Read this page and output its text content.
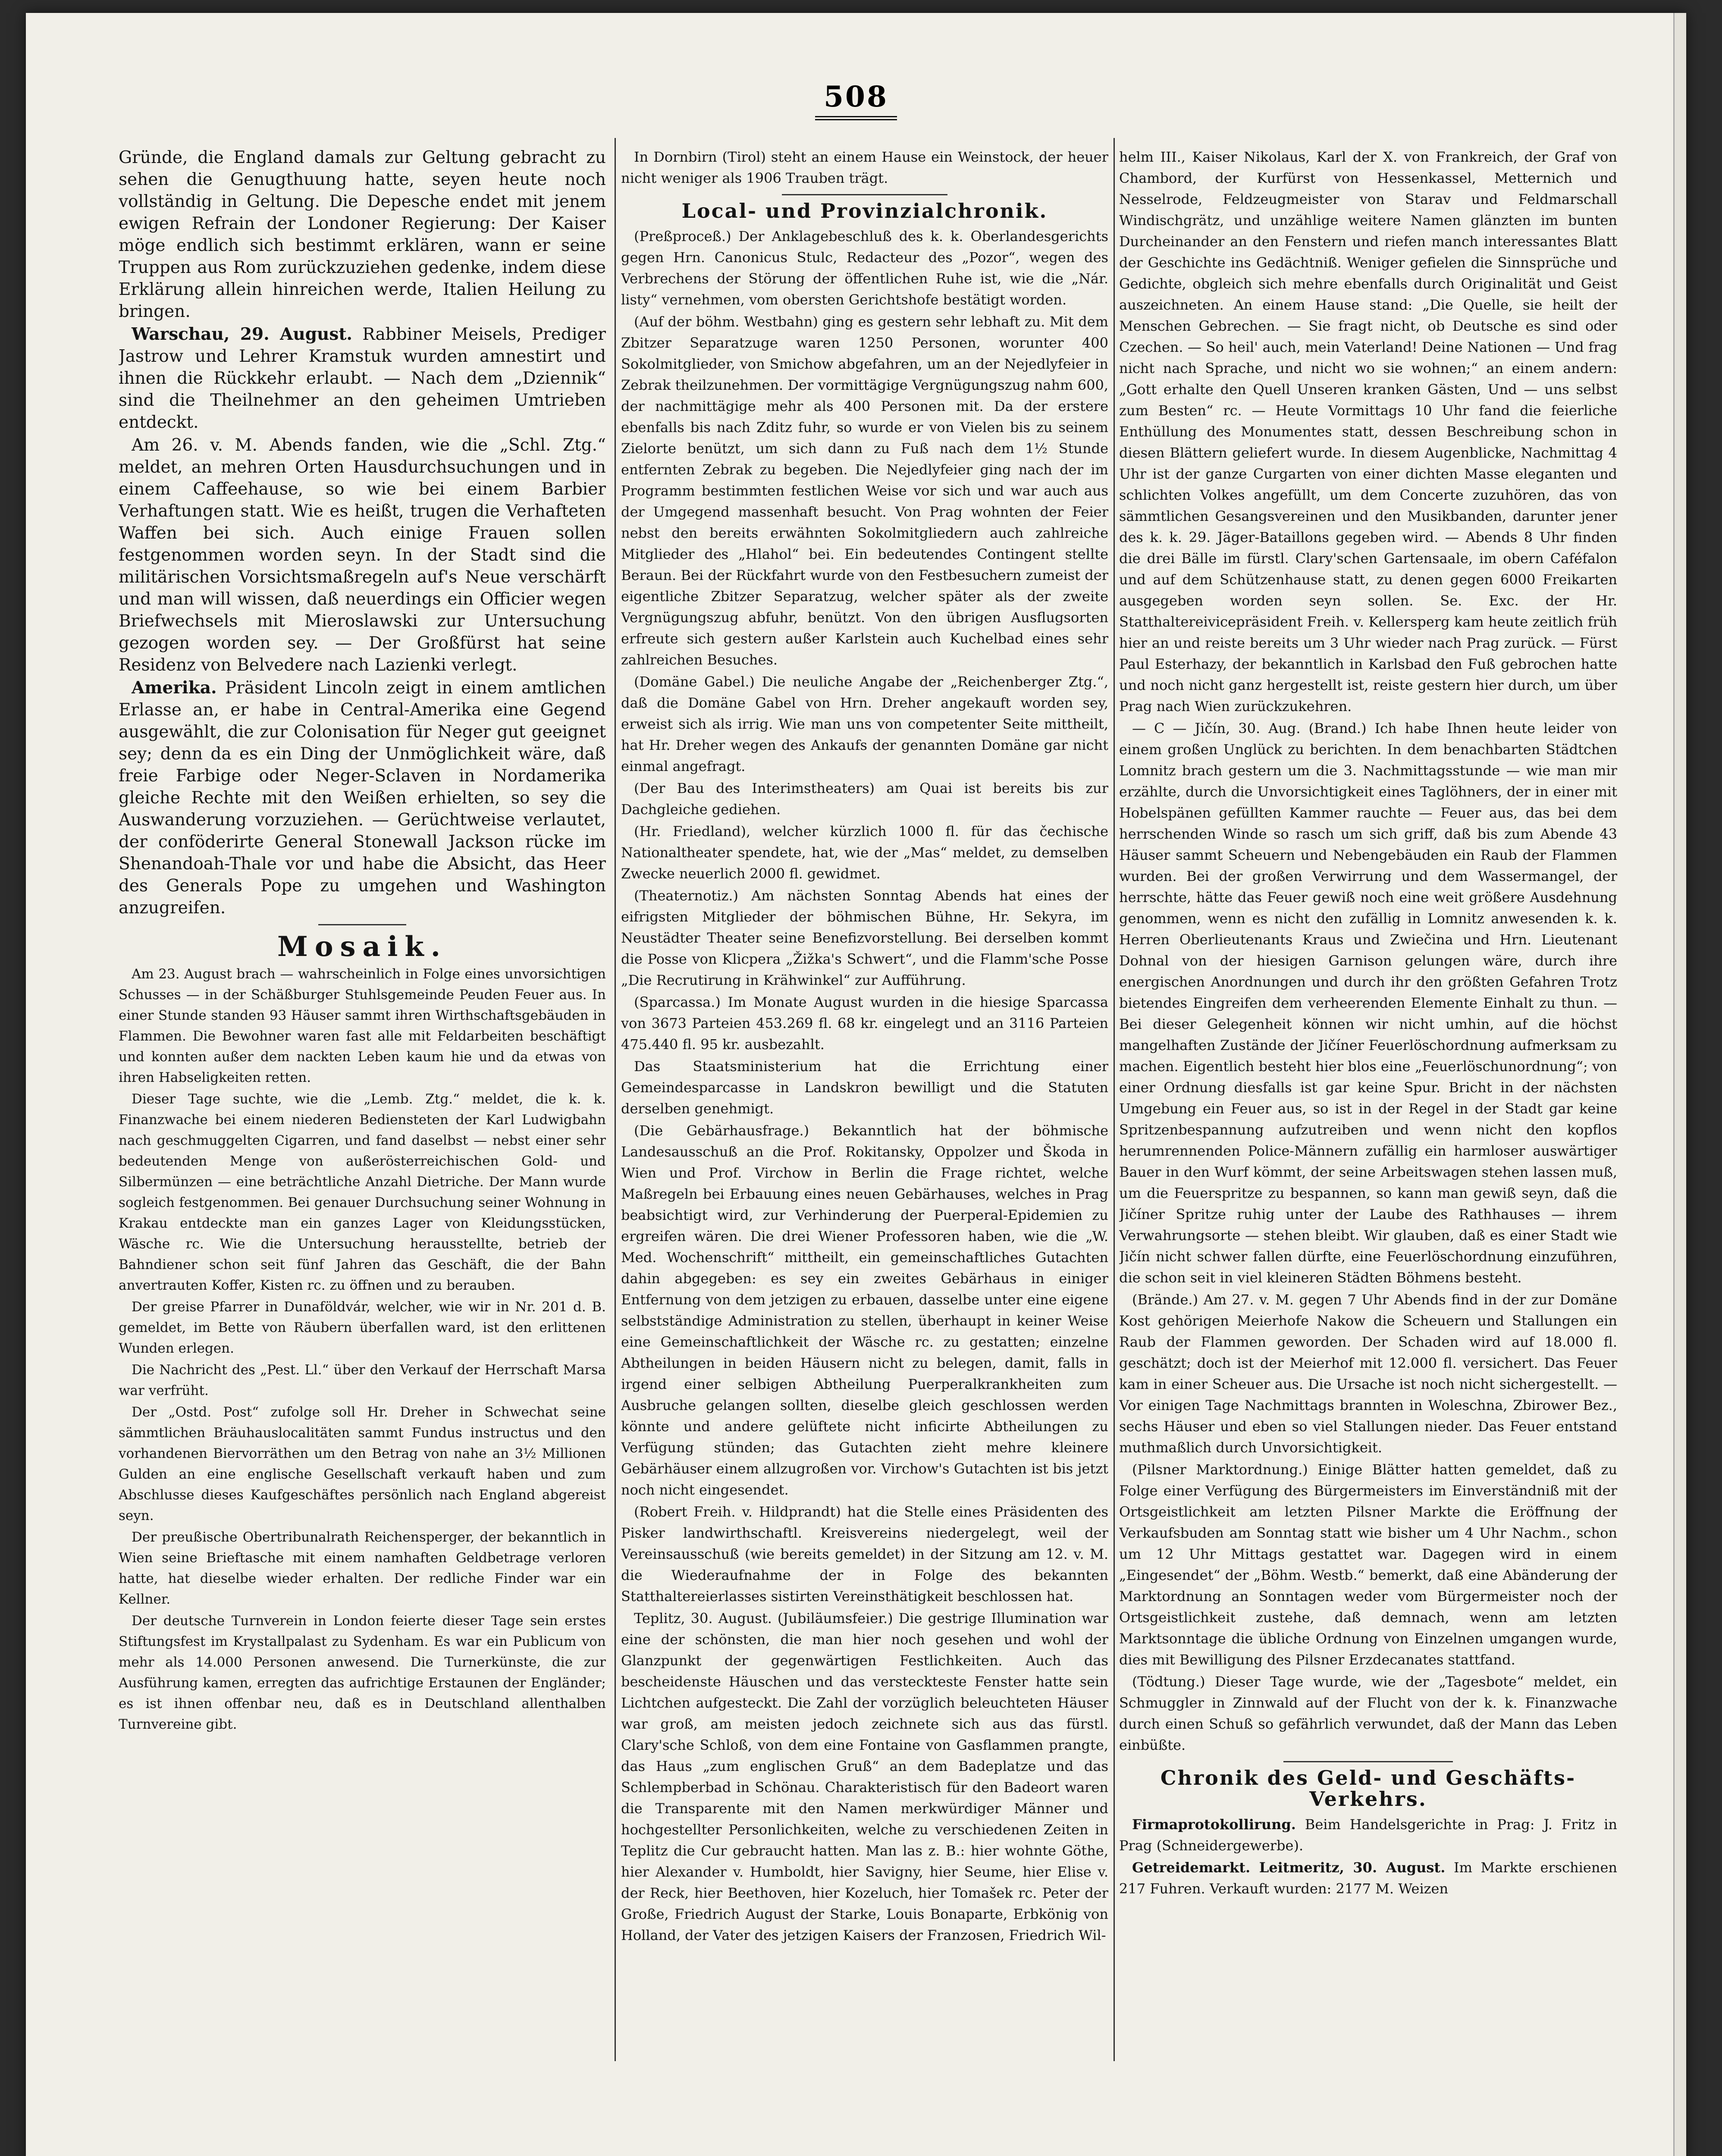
508

Gründe, die England damals zur Geltung gebracht zu sehen die Genugthuung hatte, seyen heute noch vollständig in Geltung. Die Depesche endet mit jenem ewigen Refrain der Londoner Regierung: Der Kaiser möge endlich sich bestimmt erklären, wann er seine Truppen aus Rom zurückzuziehen gedenke, indem diese Erklärung allein hinreichen werde, Italien Heilung zu bringen.

Warschau, 29. August. Rabbiner Meisels, Prediger Jastrow und Lehrer Kramstuk wurden amnestirt und ihnen die Rückkehr erlaubt. — Nach dem „Dziennik“ sind die Theilnehmer an den geheimen Umtrieben entdeckt.

Am 26. v. M. Abends fanden, wie die „Schl. Ztg.“ meldet, an mehren Orten Hausdurchsuchungen und in einem Caffeehause, so wie bei einem Barbier Verhaftungen statt. Wie es heißt, trugen die Verhafteten Waffen bei sich. Auch einige Frauen sollen festgenommen worden seyn. In der Stadt sind die militärischen Vorsichtsmaßregeln auf's Neue verschärft und man will wissen, daß neuerdings ein Officier wegen Briefwechsels mit Mieroslawski zur Untersuchung gezogen worden sey. — Der Großfürst hat seine Residenz von Belvedere nach Lazienki verlegt.

Amerika. Präsident Lincoln zeigt in einem amtlichen Erlasse an, er habe in Central-Amerika eine Gegend ausgewählt, die zur Colonisation für Neger gut geeignet sey; denn da es ein Ding der Unmöglichkeit wäre, daß freie Farbige oder Neger-Sclaven in Nordamerika gleiche Rechte mit den Weißen erhielten, so sey die Auswanderung vorzuziehen. — Gerüchtweise verlautet, der conföderirte General Stonewall Jackson rücke im Shenandoah-Thale vor und habe die Absicht, das Heer des Generals Pope zu umgehen und Washington anzugreifen.

Mosaik.

Am 23. August brach — wahrscheinlich in Folge eines unvorsichtigen Schusses — in der Schäßburger Stuhlsgemeinde Peuden Feuer aus. In einer Stunde standen 93 Häuser sammt ihren Wirthschaftsgebäuden in Flammen. Die Bewohner waren fast alle mit Feldarbeiten beschäftigt und konnten außer dem nackten Leben kaum hie und da etwas von ihren Habseligkeiten retten.

Dieser Tage suchte, wie die „Lemb. Ztg.“ meldet, die k. k. Finanzwache bei einem niederen Bediensteten der Karl Ludwigbahn nach geschmuggelten Cigarren, und fand daselbst — nebst einer sehr bedeutenden Menge von außerösterreichischen Gold- und Silbermünzen — eine beträchtliche Anzahl Dietriche. Der Mann wurde sogleich festgenommen. Bei genauer Durchsuchung seiner Wohnung in Krakau entdeckte man ein ganzes Lager von Kleidungsstücken, Wäsche rc. Wie die Untersuchung herausstellte, betrieb der Bahndiener schon seit fünf Jahren das Geschäft, die der Bahn anvertrauten Koffer, Kisten rc. zu öffnen und zu berauben.

Der greise Pfarrer in Dunaföldvár, welcher, wie wir in Nr. 201 d. B. gemeldet, im Bette von Räubern überfallen ward, ist den erlittenen Wunden erlegen.

Die Nachricht des „Pest. Ll.“ über den Verkauf der Herrschaft Marsa war verfrüht.

Der „Ostd. Post“ zufolge soll Hr. Dreher in Schwechat seine sämmtlichen Bräuhauslocalitäten sammt Fundus instructus und den vorhandenen Biervorräthen um den Betrag von nahe an 3½ Millionen Gulden an eine englische Gesellschaft verkauft haben und zum Abschlusse dieses Kaufgeschäftes persönlich nach England abgereist seyn.

Der preußische Obertribunalrath Reichensperger, der bekanntlich in Wien seine Brieftasche mit einem namhaften Geldbetrage verloren hatte, hat dieselbe wieder erhalten. Der redliche Finder war ein Kellner.

Der deutsche Turnverein in London feierte dieser Tage sein erstes Stiftungsfest im Krystallpalast zu Sydenham. Es war ein Publicum von mehr als 14.000 Personen anwesend. Die Turnerkünste, die zur Ausführung kamen, erregten das aufrichtige Erstaunen der Engländer; es ist ihnen offenbar neu, daß es in Deutschland allenthalben Turnvereine gibt.

In Dornbirn (Tirol) steht an einem Hause ein Weinstock, der heuer nicht weniger als 1906 Trauben trägt.

Local- und Provinzialchronik.

(Preßproceß.) Der Anklagebeschluß des k. k. Oberlandesgerichts gegen Hrn. Canonicus Stulc, Redacteur des „Pozor“, wegen des Verbrechens der Störung der öffentlichen Ruhe ist, wie die „Nár. listy“ vernehmen, vom obersten Gerichtshofe bestätigt worden.

(Auf der böhm. Westbahn) ging es gestern sehr lebhaft zu. Mit dem Zbitzer Separatzuge waren 1250 Personen, worunter 400 Sokolmitglieder, von Smichow abgefahren, um an der Nejedlyfeier in Zebrak theilzunehmen. Der vormittägige Vergnügungszug nahm 600, der nachmittägige mehr als 400 Personen mit. Da der erstere ebenfalls bis nach Zditz fuhr, so wurde er von Vielen bis zu seinem Zielorte benützt, um sich dann zu Fuß nach dem 1½ Stunde entfernten Zebrak zu begeben. Die Nejedlyfeier ging nach der im Programm bestimmten festlichen Weise vor sich und war auch aus der Umgegend massenhaft besucht. Von Prag wohnten der Feier nebst den bereits erwähnten Sokolmitgliedern auch zahlreiche Mitglieder des „Hlahol“ bei. Ein bedeutendes Contingent stellte Beraun. Bei der Rückfahrt wurde von den Festbesuchern zumeist der eigentliche Zbitzer Separatzug, welcher später als der zweite Vergnügungszug abfuhr, benützt. Von den übrigen Ausflugsorten erfreute sich gestern außer Karlstein auch Kuchelbad eines sehr zahlreichen Besuches.

(Domäne Gabel.) Die neuliche Angabe der „Reichenberger Ztg.“, daß die Domäne Gabel von Hrn. Dreher angekauft worden sey, erweist sich als irrig. Wie man uns von competenter Seite mittheilt, hat Hr. Dreher wegen des Ankaufs der genannten Domäne gar nicht einmal angefragt.

(Der Bau des Interimstheaters) am Quai ist bereits bis zur Dachgleiche gediehen.

(Hr. Friedland), welcher kürzlich 1000 fl. für das čechische Nationaltheater spendete, hat, wie der „Mas“ meldet, zu demselben Zwecke neuerlich 2000 fl. gewidmet.

(Theaternotiz.) Am nächsten Sonntag Abends hat eines der eifrigsten Mitglieder der böhmischen Bühne, Hr. Sekyra, im Neustädter Theater seine Benefizvorstellung. Bei derselben kommt die Posse von Klicpera „Žižka's Schwert“, und die Flamm'sche Posse „Die Recrutirung in Krähwinkel“ zur Aufführung.

(Sparcassa.) Im Monate August wurden in die hiesige Sparcassa von 3673 Parteien 453.269 fl. 68 kr. eingelegt und an 3116 Parteien 475.440 fl. 95 kr. ausbezahlt.

Das Staatsministerium hat die Errichtung einer Gemeindesparcasse in Landskron bewilligt und die Statuten derselben genehmigt.

(Die Gebärhausfrage.) Bekanntlich hat der böhmische Landesausschuß an die Prof. Rokitansky, Oppolzer und Škoda in Wien und Prof. Virchow in Berlin die Frage richtet, welche Maßregeln bei Erbauung eines neuen Gebärhauses, welches in Prag beabsichtigt wird, zur Verhinderung der Puerperal-Epidemien zu ergreifen wären. Die drei Wiener Professoren haben, wie die „W. Med. Wochenschrift“ mittheilt, ein gemeinschaftliches Gutachten dahin abgegeben: es sey ein zweites Gebärhaus in einiger Entfernung von dem jetzigen zu erbauen, dasselbe unter eine eigene selbstständige Administration zu stellen, überhaupt in keiner Weise eine Gemeinschaftlichkeit der Wäsche rc. zu gestatten; einzelne Abtheilungen in beiden Häusern nicht zu belegen, damit, falls in irgend einer selbigen Abtheilung Puerperalkrankheiten zum Ausbruche gelangen sollten, dieselbe gleich geschlossen werden könnte und andere gelüftete nicht inficirte Abtheilungen zu Verfügung stünden; das Gutachten zieht mehre kleinere Gebärhäuser einem allzugroßen vor. Virchow's Gutachten ist bis jetzt noch nicht eingesendet.

(Robert Freih. v. Hildprandt) hat die Stelle eines Präsidenten des Pisker landwirthschaftl. Kreisvereins niedergelegt, weil der Vereinsausschuß (wie bereits gemeldet) in der Sitzung am 12. v. M. die Wiederaufnahme der in Folge des bekannten Statthaltereierlasses sistirten Vereinsthätigkeit beschlossen hat.

Teplitz, 30. August. (Jubiläumsfeier.) Die gestrige Illumination war eine der schönsten, die man hier noch gesehen und wohl der Glanzpunkt der gegenwärtigen Festlichkeiten. Auch das bescheidenste Häuschen und das versteckteste Fenster hatte sein Lichtchen aufgesteckt. Die Zahl der vorzüglich beleuchteten Häuser war groß, am meisten jedoch zeichnete sich aus das fürstl. Clary'sche Schloß, von dem eine Fontaine von Gasflammen prangte, das Haus „zum englischen Gruß“ an dem Badeplatze und das Schlempberbad in Schönau. Charakteristisch für den Badeort waren die Transparente mit den Namen merkwürdiger Männer und hochgestellter Personlichkeiten, welche zu verschiedenen Zeiten in Teplitz die Cur gebraucht hatten. Man las z. B.: hier wohnte Göthe, hier Alexander v. Humboldt, hier Savigny, hier Seume, hier Elise v. der Reck, hier Beethoven, hier Kozeluch, hier Tomašek rc. Peter der Große, Friedrich August der Starke, Louis Bonaparte, Erbkönig von Holland, der Vater des jetzigen Kaisers der Franzosen, Friedrich Wil-

helm III., Kaiser Nikolaus, Karl der X. von Frankreich, der Graf von Chambord, der Kurfürst von Hessenkassel, Metternich und Nesselrode, Feldzeugmeister von Starav und Feldmarschall Windischgrätz, und unzählige weitere Namen glänzten im bunten Durcheinander an den Fenstern und riefen manch interessantes Blatt der Geschichte ins Gedächtniß. Weniger gefielen die Sinnsprüche und Gedichte, obgleich sich mehre ebenfalls durch Originalität und Geist auszeichneten. An einem Hause stand: „Die Quelle, sie heilt der Menschen Gebrechen. — Sie fragt nicht, ob Deutsche es sind oder Czechen. — So heil' auch, mein Vaterland! Deine Nationen — Und frag nicht nach Sprache, und nicht wo sie wohnen;“ an einem andern: „Gott erhalte den Quell Unseren kranken Gästen, Und — uns selbst zum Besten“ rc. — Heute Vormittags 10 Uhr fand die feierliche Enthüllung des Monumentes statt, dessen Beschreibung schon in diesen Blättern geliefert wurde. In diesem Augenblicke, Nachmittag 4 Uhr ist der ganze Curgarten von einer dichten Masse eleganten und schlichten Volkes angefüllt, um dem Concerte zuzuhören, das von sämmtlichen Gesangsvereinen und den Musikbanden, darunter jener des k. k. 29. Jäger-Bataillons gegeben wird. — Abends 8 Uhr finden die drei Bälle im fürstl. Clary'schen Gartensaale, im obern Caféfalon und auf dem Schützenhause statt, zu denen gegen 6000 Freikarten ausgegeben worden seyn sollen. Se. Exc. der Hr. Statthaltereivicepräsident Freih. v. Kellersperg kam heute zeitlich früh hier an und reiste bereits um 3 Uhr wieder nach Prag zurück. — Fürst Paul Esterhazy, der bekanntlich in Karlsbad den Fuß gebrochen hatte und noch nicht ganz hergestellt ist, reiste gestern hier durch, um über Prag nach Wien zurückzukehren.

— C — Jičín, 30. Aug. (Brand.) Ich habe Ihnen heute leider von einem großen Unglück zu berichten. In dem benachbarten Städtchen Lomnitz brach gestern um die 3. Nachmittagsstunde — wie man mir erzählte, durch die Unvorsichtigkeit eines Taglöhners, der in einer mit Hobelspänen gefüllten Kammer rauchte — Feuer aus, das bei dem herrschenden Winde so rasch um sich griff, daß bis zum Abende 43 Häuser sammt Scheuern und Nebengebäuden ein Raub der Flammen wurden. Bei der großen Verwirrung und dem Wassermangel, der herrschte, hätte das Feuer gewiß noch eine weit größere Ausdehnung genommen, wenn es nicht den zufällig in Lomnitz anwesenden k. k. Herren Oberlieutenants Kraus und Zwiečina und Hrn. Lieutenant Dohnal von der hiesigen Garnison gelungen wäre, durch ihre energischen Anordnungen und durch ihr den größten Gefahren Trotz bietendes Eingreifen dem verheerenden Elemente Einhalt zu thun. — Bei dieser Gelegenheit können wir nicht umhin, auf die höchst mangelhaften Zustände der Jičíner Feuerlöschordnung aufmerksam zu machen. Eigentlich besteht hier blos eine „Feuerlöschunordnung“; von einer Ordnung diesfalls ist gar keine Spur. Bricht in der nächsten Umgebung ein Feuer aus, so ist in der Regel in der Stadt gar keine Spritzenbespannung aufzutreiben und wenn nicht den kopflos herumrennenden Police-Männern zufällig ein harmloser auswärtiger Bauer in den Wurf kömmt, der seine Arbeitswagen stehen lassen muß, um die Feuerspritze zu bespannen, so kann man gewiß seyn, daß die Jičíner Spritze ruhig unter der Laube des Rathhauses — ihrem Verwahrungsorte — stehen bleibt. Wir glauben, daß es einer Stadt wie Jičín nicht schwer fallen dürfte, eine Feuerlöschordnung einzuführen, die schon seit in viel kleineren Städten Böhmens besteht.

(Brände.) Am 27. v. M. gegen 7 Uhr Abends find in der zur Domäne Kost gehörigen Meierhofe Nakow die Scheuern und Stallungen ein Raub der Flammen geworden. Der Schaden wird auf 18.000 fl. geschätzt; doch ist der Meierhof mit 12.000 fl. versichert. Das Feuer kam in einer Scheuer aus. Die Ursache ist noch nicht sichergestellt. — Vor einigen Tage Nachmittags brannten in Woleschna, Zbirower Bez., sechs Häuser und eben so viel Stallungen nieder. Das Feuer entstand muthmaßlich durch Unvorsichtigkeit.

(Pilsner Marktordnung.) Einige Blätter hatten gemeldet, daß zu Folge einer Verfügung des Bürgermeisters im Einverständniß mit der Ortsgeistlichkeit am letzten Pilsner Markte die Eröffnung der Verkaufsbuden am Sonntag statt wie bisher um 4 Uhr Nachm., schon um 12 Uhr Mittags gestattet war. Dagegen wird in einem „Eingesendet“ der „Böhm. Westb.“ bemerkt, daß eine Abänderung der Marktordnung an Sonntagen weder vom Bürgermeister noch der Ortsgeistlichkeit zustehe, daß demnach, wenn am letzten Marktsonntage die übliche Ordnung von Einzelnen umgangen wurde, dies mit Bewilligung des Pilsner Erzdecanates stattfand.

(Tödtung.) Dieser Tage wurde, wie der „Tagesbote“ meldet, ein Schmuggler in Zinnwald auf der Flucht von der k. k. Finanzwache durch einen Schuß so gefährlich verwundet, daß der Mann das Leben einbüßte.

Chronik des Geld- und Geschäfts-Verkehrs.

Firmaprotokollirung. Beim Handelsgerichte in Prag: J. Fritz in Prag (Schneidergewerbe).

Getreidemarkt. Leitmeritz, 30. August. Im Markte erschienen 217 Fuhren. Verkauft wurden: 2177 M. Weizen
